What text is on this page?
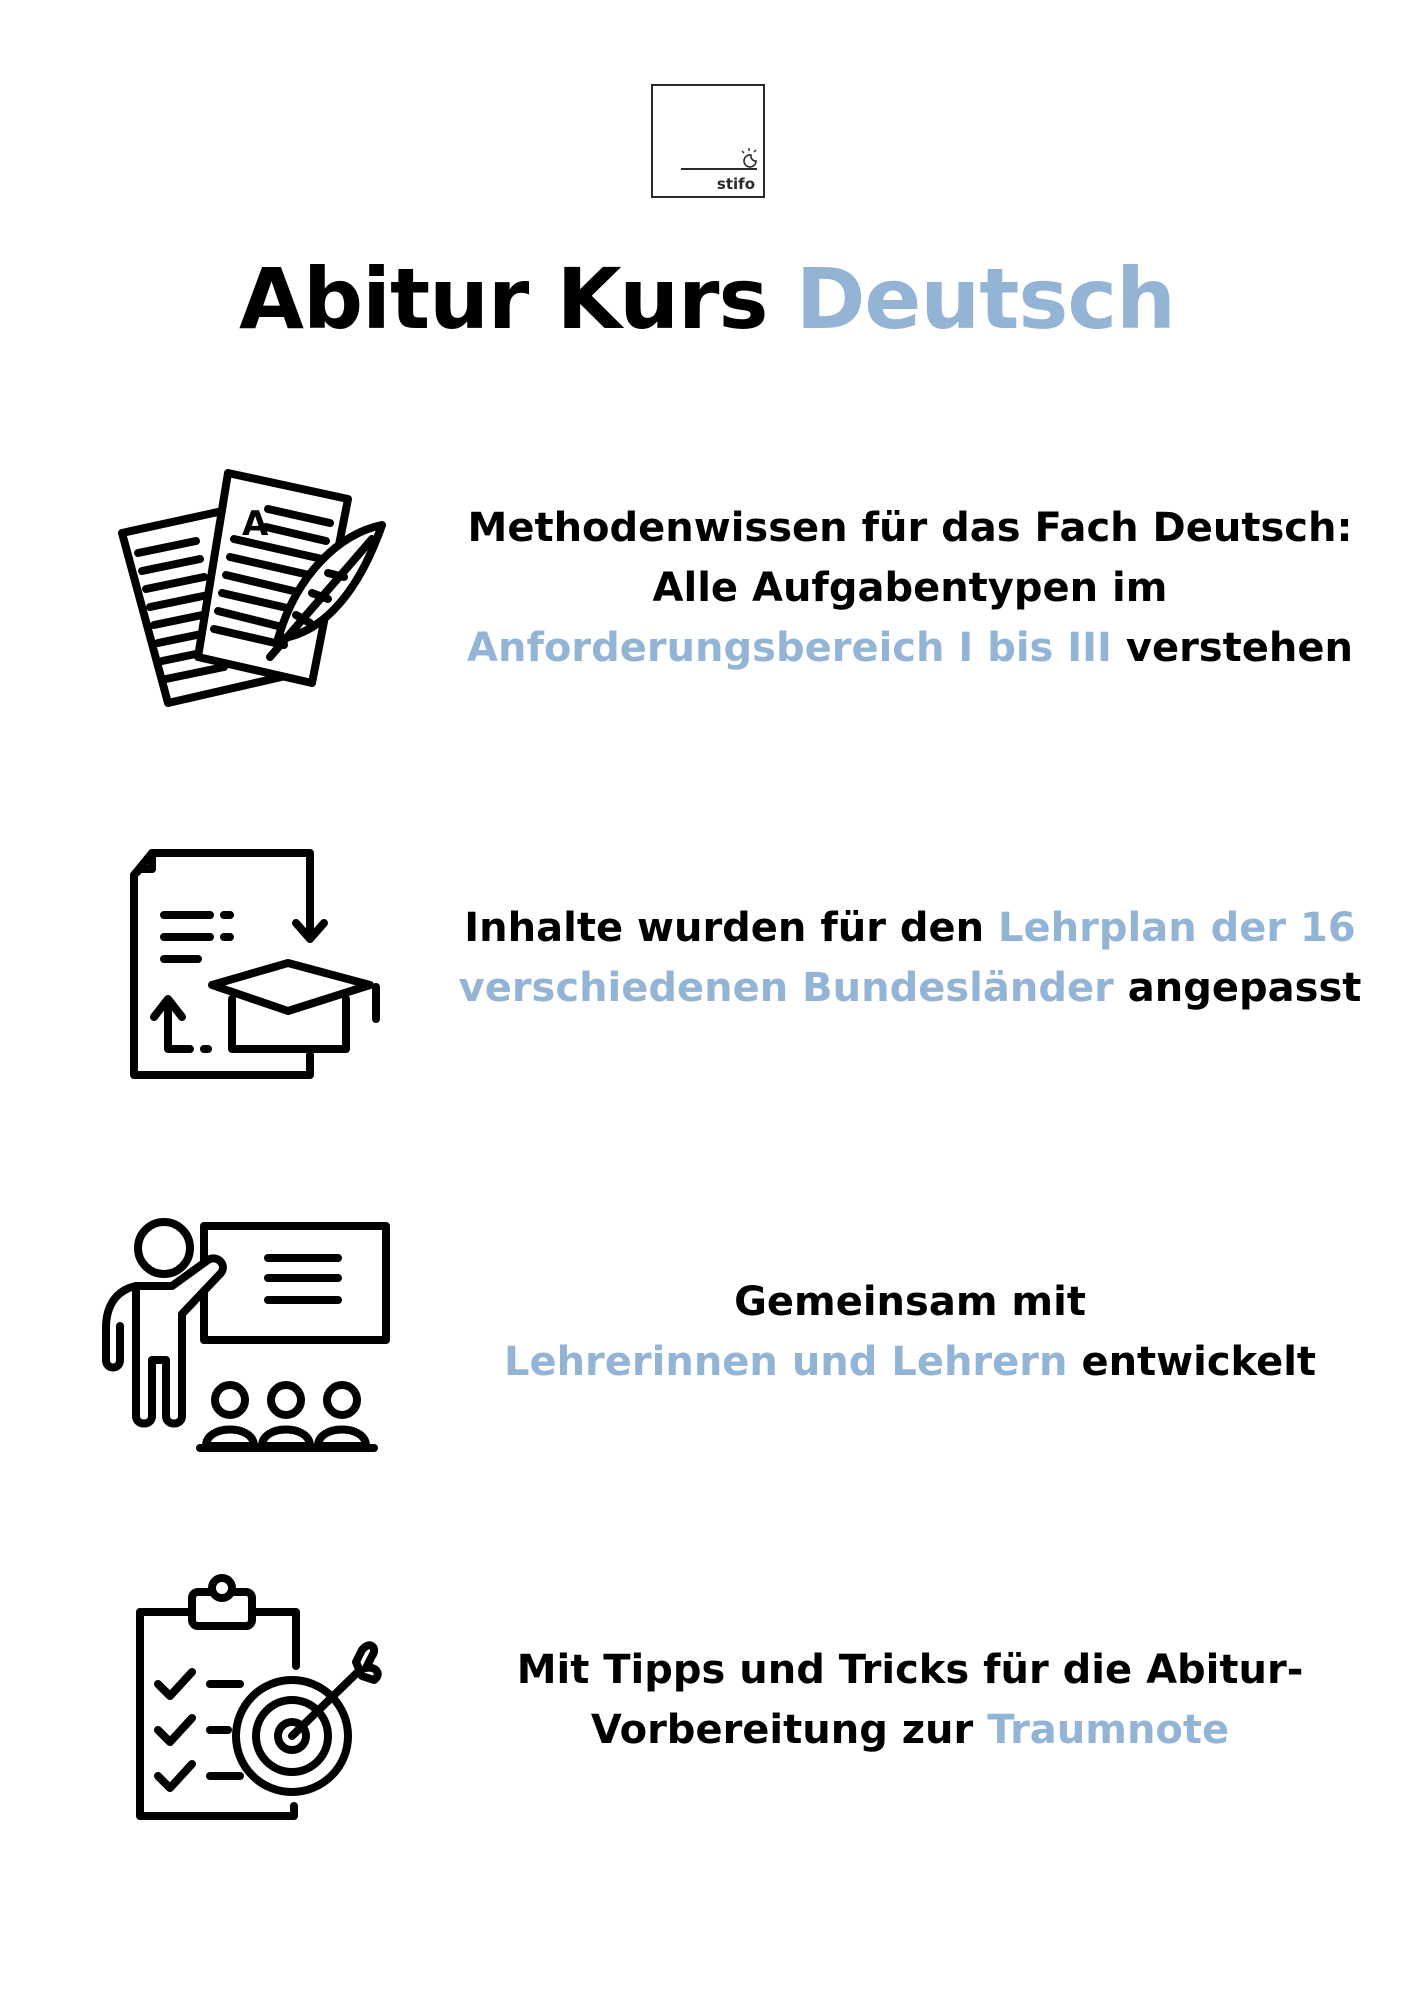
stifo
Abitur Kurs Deutsch
A	Methodenwissen für das Fach Deutsch:
Alle Aufgabentypen im
Anforderungsbereich I bis III verstehen
Inhalte wurden für den Lehrplan der 16
verschiedenen Bundesländer angepasst
Gemeinsam mit
Lehrerinnen und Lehrern entwickelt
Mit Tipps und Tricks für die Abitur-
Vorbereitung zur Traumnote
